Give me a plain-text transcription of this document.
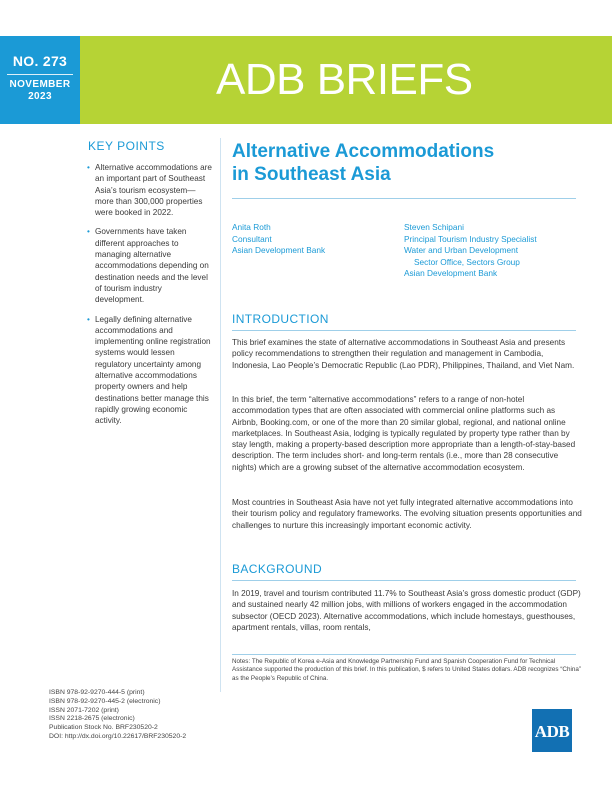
NO. 273
NOVEMBER
2023	ADB BRIEFS
KEY POINTS
• Alternative accommodations are an important part of Southeast Asia’s tourism ecosystem—more than 300,000 properties were booked in 2022.
• Governments have taken different approaches to managing alternative accommodations depending on destination needs and the level of tourism industry development.
• Legally defining alternative accommodations and implementing online registration systems would lessen regulatory uncertainty among alternative accommodations property owners and help destinations better manage this rapidly growing economic activity.
Alternative Accommodations
in Southeast Asia
Anita Roth
Consultant
Asian Development Bank
Steven Schipani
Principal Tourism Industry Specialist
Water and Urban Development
Sector Office, Sectors Group
Asian Development Bank
INTRODUCTION

This brief examines the state of alternative accommodations in Southeast Asia and presents policy recommendations to strengthen their regulation and management in Cambodia, Indonesia, Lao People’s Democratic Republic (Lao PDR), Philippines, Thailand, and Viet Nam.

In this brief, the term “alternative accommodations” refers to a range of non-hotel accommodation types that are often associated with commercial online platforms such as Airbnb, Booking.com, or one of the more than 20 similar global, regional, and national online marketplaces. In Southeast Asia, lodging is typically regulated by property type rather than by stay length, making a property-based description more appropriate than a length-of-stay-based description. The term includes short- and long-term rentals (i.e., more than 28 consecutive nights) which are a growing subset of the alternative accommodation ecosystem.

Most countries in Southeast Asia have not yet fully integrated alternative accommodations into their tourism policy and regulatory frameworks. The evolving situation presents opportunities and challenges to nurture this increasingly important economic activity.

BACKGROUND

In 2019, travel and tourism contributed 11.7% to Southeast Asia’s gross domestic product (GDP) and sustained nearly 42 million jobs, with millions of workers engaged in the accommodation subsector (OECD 2023). Alternative accommodations, which include homestays, guesthouses, apartment rentals, villas, room rentals,

Notes: The Republic of Korea e-Asia and Knowledge Partnership Fund and Spanish Cooperation Fund for Technical Assistance supported the production of this brief. In this publication, $ refers to United States dollars. ADB recognizes “China” as the People’s Republic of China.
ISBN 978-92-9270-444-5 (print)
ISBN 978-92-9270-445-2 (electronic)
ISSN 2071-7202 (print)
ISSN 2218-2675 (electronic)
Publication Stock No. BRF230520-2
DOI: http://dx.doi.org/10.22617/BRF230520-2	ADB
